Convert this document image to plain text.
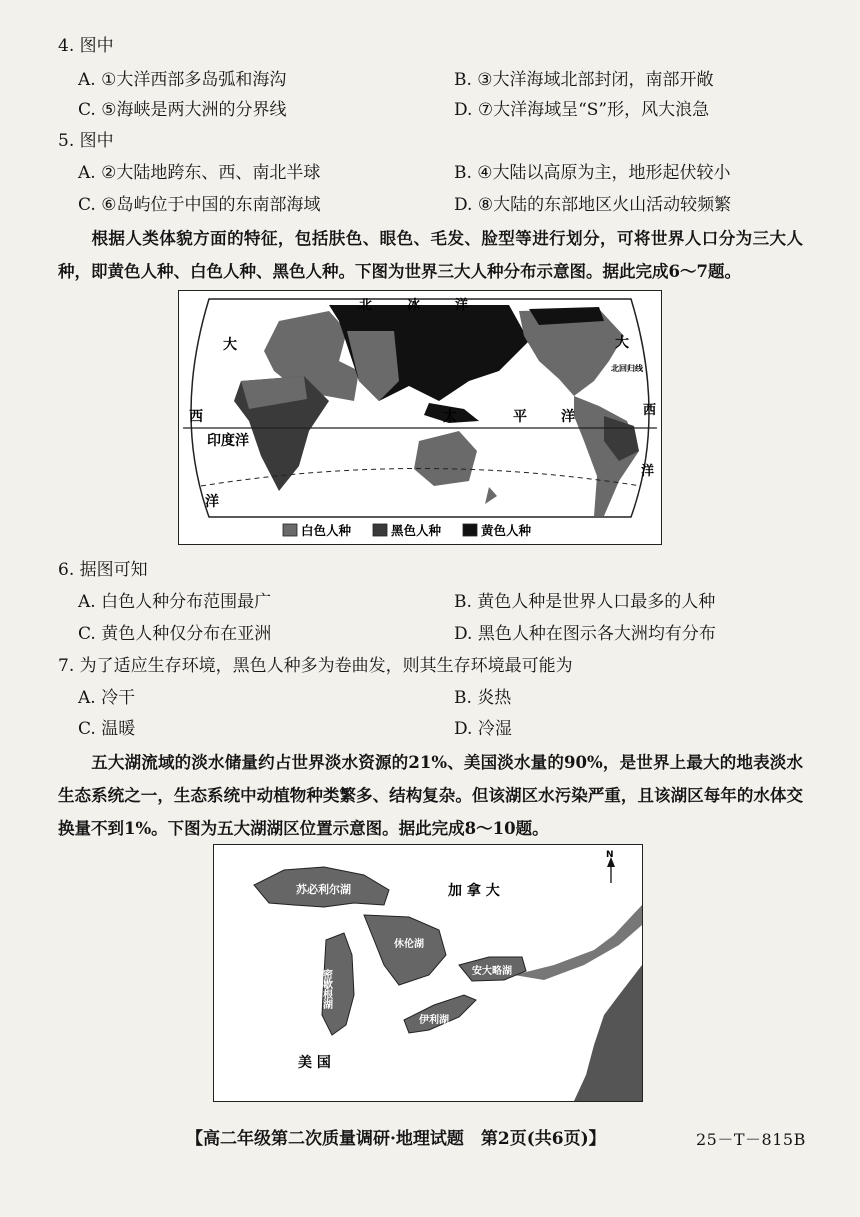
4. 图中
A. ①大洋西部多岛弧和海沟	B. ③大洋海域北部封闭，南部开敞
C. ⑤海峡是两大洲的分界线	D. ⑦大洋海域呈“S”形，风大浪急
5. 图中
A. ②大陆地跨东、西、南北半球	B. ④大陆以高原为主，地形起伏较小
C. ⑥岛屿位于中国的东南部海域	D. ⑧大陆的东部地区火山活动较频繁
根据人类体貌方面的特征，包括肤色、眼色、毛发、脸型等进行划分，可将世界人口分为三大人种，即黄色人种、白色人种、黑色人种。下图为世界三大人种分布示意图。据此完成6～7题。
北	冰	洋
大	大
西	西
北回归线
太	平 洋
印度洋
洋
洋
白色人种	黑色人种	黄色人种
6. 据图可知
A. 白色人种分布范围最广	B. 黄色人种是世界人口最多的人种
C. 黄色人种仅分布在亚洲	D. 黑色人种在图示各大洲均有分布
7. 为了适应生存环境，黑色人种多为卷曲发，则其生存环境最可能为
A. 冷干	B. 炎热
C. 温暖	D. 冷湿
五大湖流域的淡水储量约占世界淡水资源的21%、美国淡水量的90%，是世界上最大的地表淡水生态系统之一，生态系统中动植物种类繁多、结构复杂。但该湖区水污染严重，且该湖区每年的水体交换量不到1%。下图为五大湖湖区位置示意图。据此完成8～10题。
苏必利尔湖
密歇根湖
休伦湖
伊利湖
安大略湖
加 拿 大
美 国
N
【高二年级第二次质量调研·地理试题　第2页(共6页)】	25－T－815B
